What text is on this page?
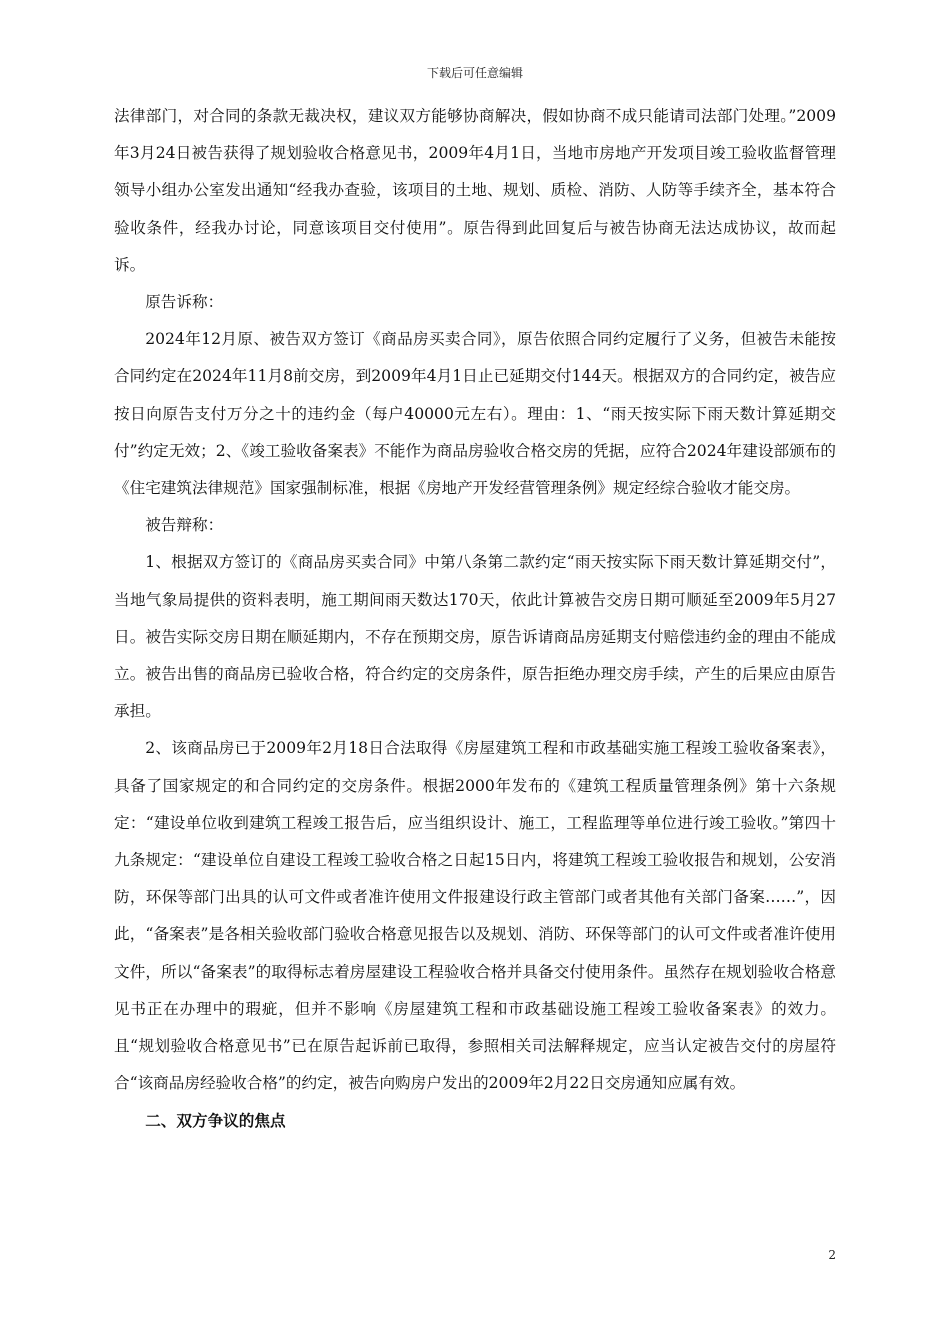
下载后可任意编辑

法律部门，对合同的条款无裁决权，建议双方能够协商解决，假如协商不成只能请司法部门处理。”2009年3月24日被告获得了规划验收合格意见书，2009年4月1日，当地市房地产开发项目竣工验收监督管理领导小组办公室发出通知“经我办查验，该项目的土地、规划、质检、消防、人防等手续齐全，基本符合验收条件，经我办讨论，同意该项目交付使用”。原告得到此回复后与被告协商无法达成协议，故而起诉。

原告诉称：

2024年12月原、被告双方签订《商品房买卖合同》，原告依照合同约定履行了义务，但被告未能按合同约定在2024年11月8前交房，到2009年4月1日止已延期交付144天。根据双方的合同约定，被告应按日向原告支付万分之十的违约金（每户40000元左右）。理由：1、“雨天按实际下雨天数计算延期交付”约定无效；2、《竣工验收备案表》不能作为商品房验收合格交房的凭据，应符合2024年建设部颁布的《住宅建筑法律规范》国家强制标准，根据《房地产开发经营管理条例》规定经综合验收才能交房。

被告辩称：

1、根据双方签订的《商品房买卖合同》中第八条第二款约定“雨天按实际下雨天数计算延期交付”，当地气象局提供的资料表明，施工期间雨天数达170天，依此计算被告交房日期可顺延至2009年5月27日。被告实际交房日期在顺延期内，不存在预期交房，原告诉请商品房延期支付赔偿违约金的理由不能成立。被告出售的商品房已验收合格，符合约定的交房条件，原告拒绝办理交房手续，产生的后果应由原告承担。

2、该商品房已于2009年2月18日合法取得《房屋建筑工程和市政基础实施工程竣工验收备案表》，具备了国家规定的和合同约定的交房条件。根据2000年发布的《建筑工程质量管理条例》第十六条规定：“建设单位收到建筑工程竣工报告后，应当组织设计、施工，工程监理等单位进行竣工验收。”第四十九条规定：“建设单位自建设工程竣工验收合格之日起15日内，将建筑工程竣工验收报告和规划，公安消防，环保等部门出具的认可文件或者准许使用文件报建设行政主管部门或者其他有关部门备案……”，因此，“备案表”是各相关验收部门验收合格意见报告以及规划、消防、环保等部门的认可文件或者准许使用文件，所以“备案表”的取得标志着房屋建设工程验收合格并具备交付使用条件。虽然存在规划验收合格意见书正在办理中的瑕疵，但并不影响《房屋建筑工程和市政基础设施工程竣工验收备案表》的效力。且“规划验收合格意见书”已在原告起诉前已取得，参照相关司法解释规定，应当认定被告交付的房屋符合“该商品房经验收合格”的约定，被告向购房户发出的2009年2月22日交房通知应属有效。

二、双方争议的焦点

2
